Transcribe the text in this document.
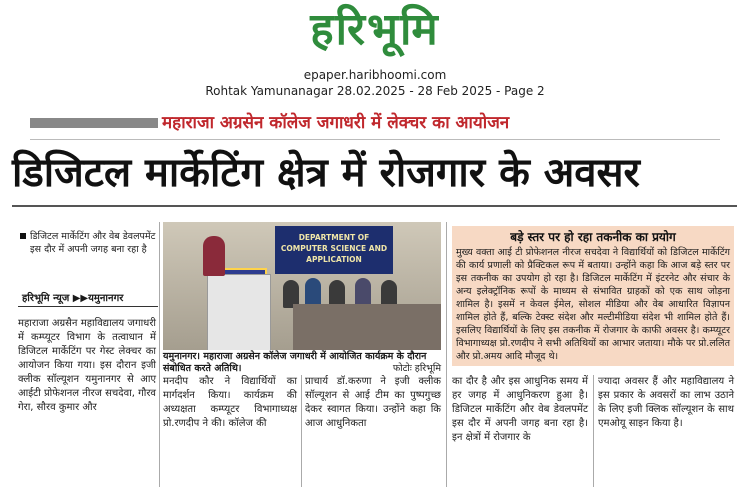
हरिभूमि
epaper.haribhoomi.com
Rohtak Yamunanagar 28.02.2025 - 28 Feb 2025 - Page 2
महाराजा अग्रसेन कॉलेज जगाधरी में लेक्चर का आयोजन
डिजिटल मार्केटिंग क्षेत्र में रोजगार के अवसर
डिजिटल मार्केटिंग और वेब डेवलपमेंट इस दौर में अपनी जगह बना रहा है
हरिभूमि न्यूज ▶▶यमुनानगर
महाराजा अग्रसैन महाविद्यालय जगाधरी में कम्प्यूटर विभाग के तत्वाधान में डिजिटल मार्केटिंग पर गेस्ट लेक्चर का आयोजन किया गया। इस दौरान इजी क्लीक सॉल्यूशन यमुनानगर से आए आईटी प्रोफेशनल नीरज सचदेवा, गौरव गेरा, सौरव कुमार और
DEPARTMENT OF COMPUTER SCIENCE AND APPLICATION
यमुनानगर। महाराजा अग्रसेन कॉलेज जगाधरी में आयोजित कार्यक्रम के दौरान संबोधित करते अतिथि।	फोटोः हरिभूमि
बड़े स्तर पर हो रहा तकनीक का प्रयोग
मुख्य वक्ता आई टी प्रोफेशनल नीरज सचदेवा ने विद्यार्थियों को डिजिटल मार्केटिंग की कार्य प्रणाली को प्रैक्टिकल रूप में बताया। उन्होंने कहा कि आज बड़े स्तर पर इस तकनीक का उपयोग हो रहा है। डिजिटल मार्केटिंग में इंटरनेट और संचार के अन्य इलेक्ट्रॉनिक रूपों के माध्यम से संभावित ग्राहकों को एक साथ जोड़ना शामिल है। इसमें न केवल ईमेल, सोशल मीडिया और वेब आधारित विज्ञापन शामिल होते हैं, बल्कि टेक्स्ट संदेश और मल्टीमीडिया संदेश भी शामिल होते हैं। इसलिए विद्यार्थियों के लिए इस तकनीक में रोजगार के काफी अवसर है। कम्प्यूटर विभागाध्यक्ष प्रो.रणदीप ने सभी अतिथियों का आभार जताया। मौके पर प्रो.ललित और प्रो.अमय आदि मौजूद थे।
मनदीप कौर ने विद्यार्थियों का मार्गदर्शन किया। कार्यक्रम की अध्यक्षता कम्प्यूटर विभागाध्यक्ष प्रो.रणदीप ने की। कॉलेज की
प्राचार्य डॉ.करुणा ने इजी क्लीक सॉल्यूशन से आई टीम का पुष्पगुच्छ देकर स्वागत किया। उन्होंने कहा कि आज आधुनिकता
का दौर है और इस आधुनिक समय में हर जगह में आधुनिकरण हुआ है। डिजिटल मार्केटिंग और वेब डेवलपमेंट इस दौर में अपनी जगह बना रहा है। इन क्षेत्रों में रोजगार के
ज्यादा अवसर हैं और महाविद्यालय ने इस प्रकार के अवसरों का लाभ उठाने के लिए इजी क्लिक सॉल्यूशन के साथ एमओयू साइन किया है।
